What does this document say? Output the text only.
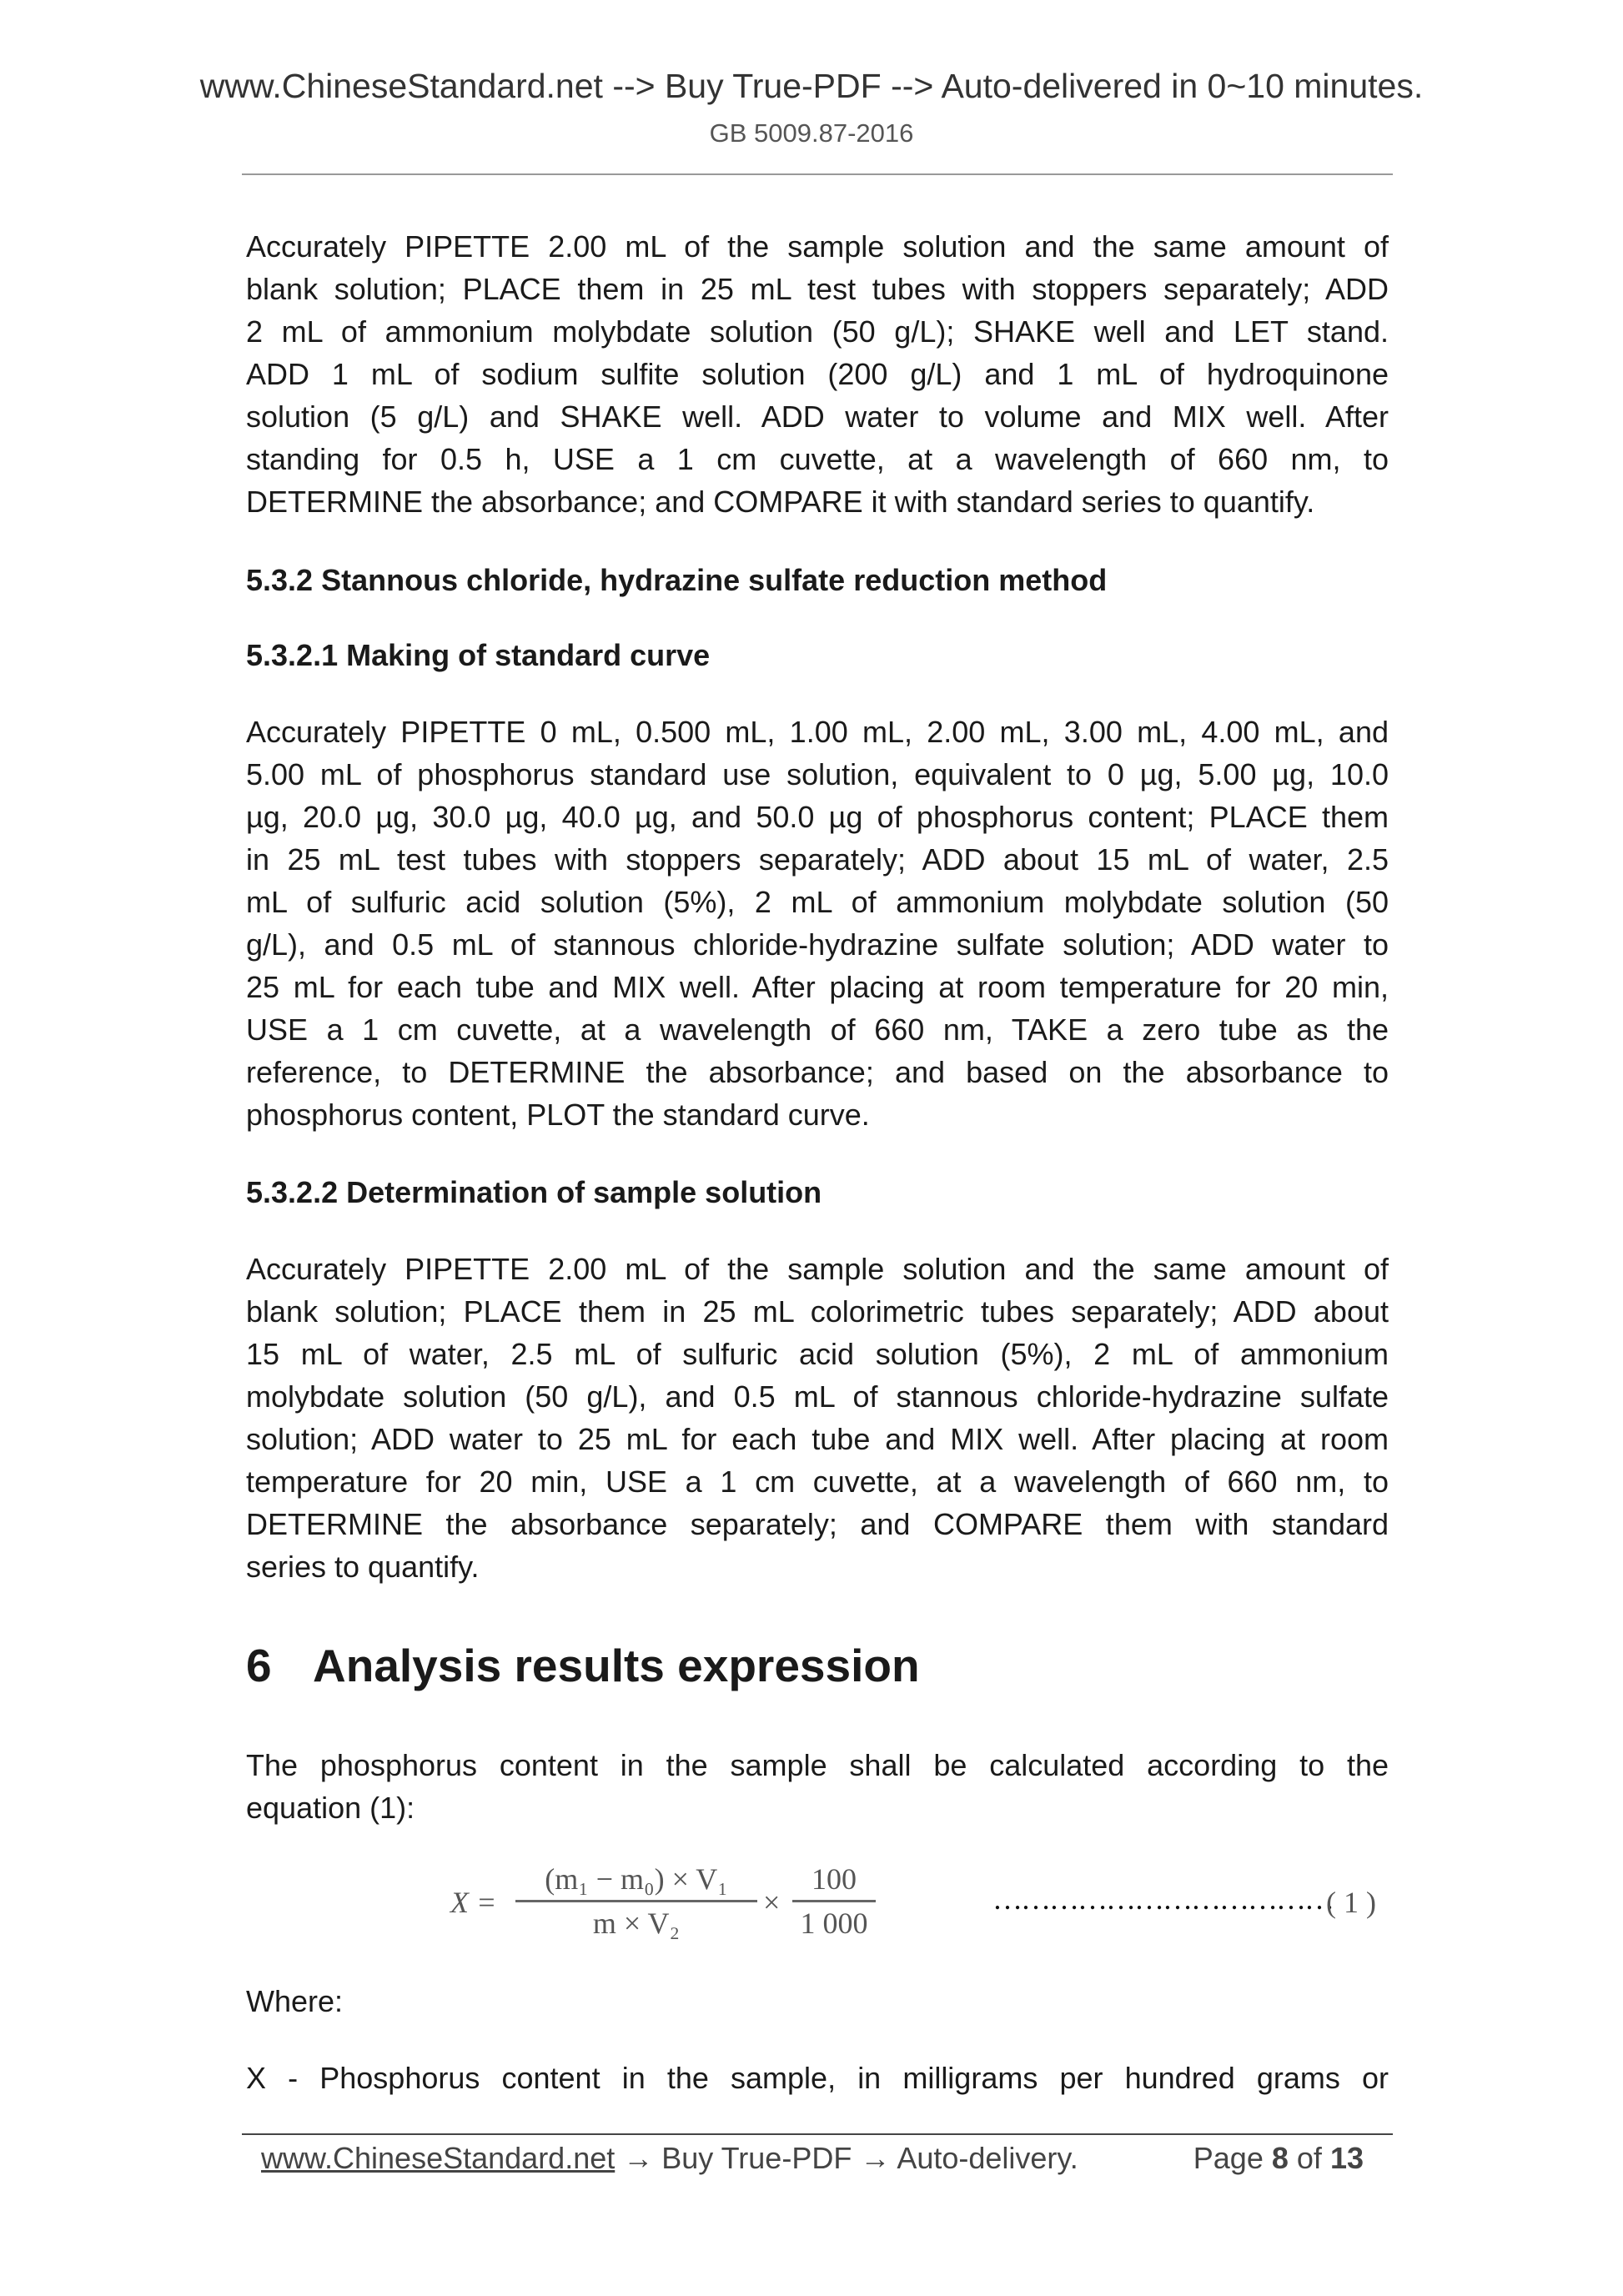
www.ChineseStandard.net --> Buy True-PDF --> Auto-delivered in 0~10 minutes.
GB 5009.87-2016
Accurately PIPETTE 2.00 mL of the sample solution and the same amount of
blank solution; PLACE them in 25 mL test tubes with stoppers separately; ADD
2 mL of ammonium molybdate solution (50 g/L); SHAKE well and LET stand.
ADD 1 mL of sodium sulfite solution (200 g/L) and 1 mL of hydroquinone
solution (5 g/L) and SHAKE well. ADD water to volume and MIX well. After
standing for 0.5 h, USE a 1 cm cuvette, at a wavelength of 660 nm, to
DETERMINE the absorbance; and COMPARE it with standard series to quantify.
5.3.2 Stannous chloride, hydrazine sulfate reduction method
5.3.2.1 Making of standard curve
Accurately PIPETTE 0 mL, 0.500 mL, 1.00 mL, 2.00 mL, 3.00 mL, 4.00 mL, and
5.00 mL of phosphorus standard use solution, equivalent to 0 µg, 5.00 µg, 10.0
µg, 20.0 µg, 30.0 µg, 40.0 µg, and 50.0 µg of phosphorus content; PLACE them
in 25 mL test tubes with stoppers separately; ADD about 15 mL of water, 2.5
mL of sulfuric acid solution (5%), 2 mL of ammonium molybdate solution (50
g/L), and 0.5 mL of stannous chloride-hydrazine sulfate solution; ADD water to
25 mL for each tube and MIX well. After placing at room temperature for 20 min,
USE a 1 cm cuvette, at a wavelength of 660 nm, TAKE a zero tube as the
reference, to DETERMINE the absorbance; and based on the absorbance to
phosphorus content, PLOT the standard curve.
5.3.2.2 Determination of sample solution
Accurately PIPETTE 2.00 mL of the sample solution and the same amount of
blank solution; PLACE them in 25 mL colorimetric tubes separately; ADD about
15 mL of water, 2.5 mL of sulfuric acid solution (5%), 2 mL of ammonium
molybdate solution (50 g/L), and 0.5 mL of stannous chloride-hydrazine sulfate
solution; ADD water to 25 mL for each tube and MIX well. After placing at room
temperature for 20 min, USE a 1 cm cuvette, at a wavelength of 660 nm, to
DETERMINE the absorbance separately; and COMPARE them with standard
series to quantify.
6 Analysis results expression
The phosphorus content in the sample shall be calculated according to the
equation (1):
$X = \frac{\text{(m₁ − m₀) × V₁}}{\text{m × V₂}} \times \frac{100}{1 000}$	………………………………
( 1 )
Where:
X - Phosphorus content in the sample, in milligrams per hundred grams or
www.ChineseStandard.net → Buy True-PDF → Auto-delivery.	Page 8 of 13
